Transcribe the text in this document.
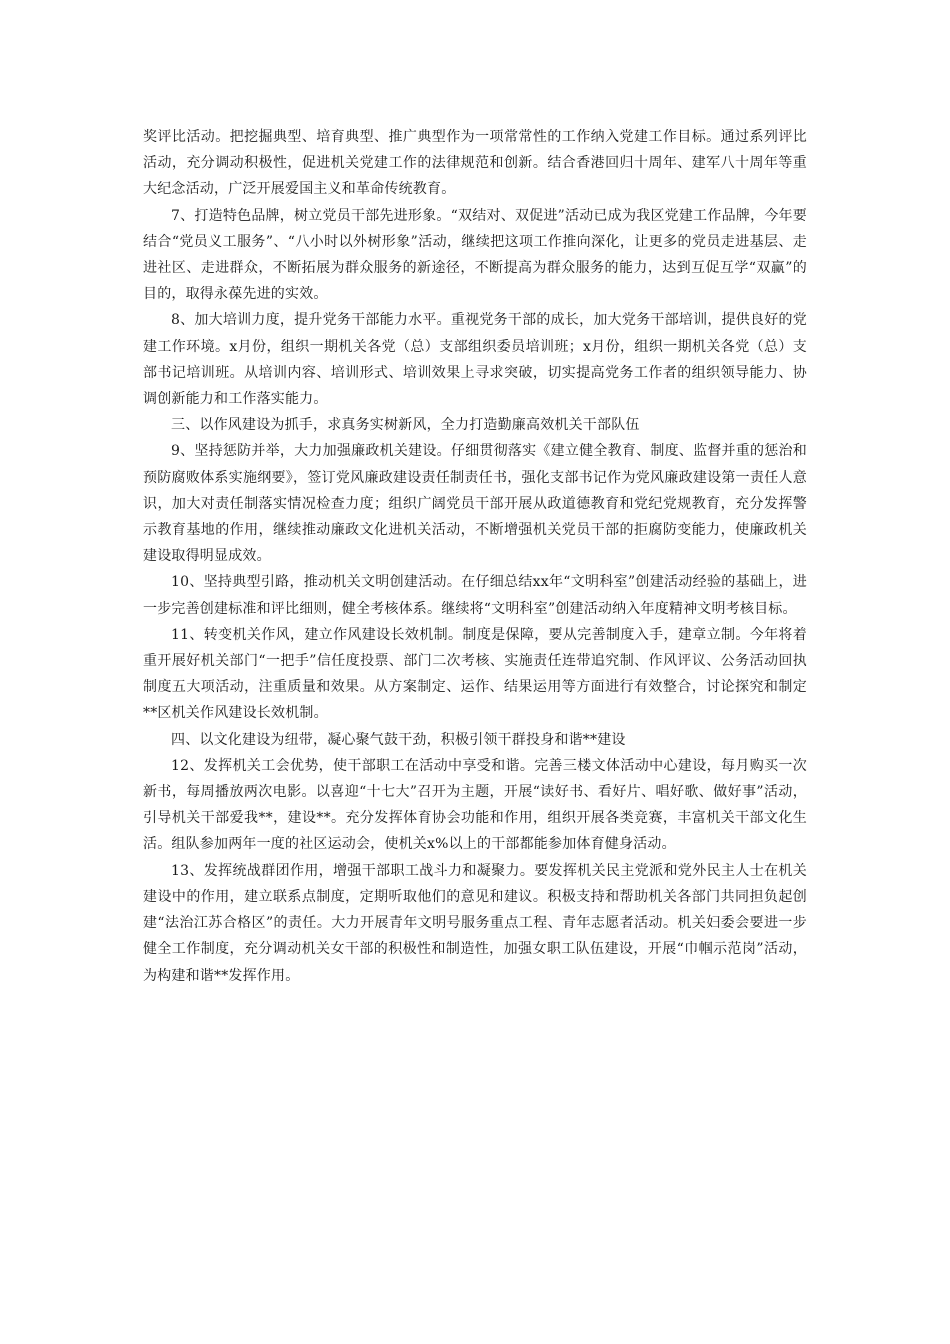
奖评比活动。把挖掘典型、培育典型、推广典型作为一项常常性的工作纳入党建工作目标。通过系列评比活动，充分调动积极性，促进机关党建工作的法律规范和创新。结合香港回归十周年、建军八十周年等重大纪念活动，广泛开展爱国主义和革命传统教育。

7、打造特色品牌，树立党员干部先进形象。“双结对、双促进”活动已成为我区党建工作品牌，今年要结合“党员义工服务”、“八小时以外树形象”活动，继续把这项工作推向深化，让更多的党员走进基层、走进社区、走进群众，不断拓展为群众服务的新途径，不断提高为群众服务的能力，达到互促互学“双赢”的目的，取得永葆先进的实效。

8、加大培训力度，提升党务干部能力水平。重视党务干部的成长，加大党务干部培训，提供良好的党建工作环境。x月份，组织一期机关各党（总）支部组织委员培训班；x月份，组织一期机关各党（总）支部书记培训班。从培训内容、培训形式、培训效果上寻求突破，切实提高党务工作者的组织领导能力、协调创新能力和工作落实能力。

三、以作风建设为抓手，求真务实树新风，全力打造勤廉高效机关干部队伍

9、坚持惩防并举，大力加强廉政机关建设。仔细贯彻落实《建立健全教育、制度、监督并重的惩治和预防腐败体系实施纲要》，签订党风廉政建设责任制责任书，强化支部书记作为党风廉政建设第一责任人意识，加大对责任制落实情况检查力度；组织广阔党员干部开展从政道德教育和党纪党规教育，充分发挥警示教育基地的作用，继续推动廉政文化进机关活动，不断增强机关党员干部的拒腐防变能力，使廉政机关建设取得明显成效。

10、坚持典型引路，推动机关文明创建活动。在仔细总结xx年“文明科室”创建活动经验的基础上，进一步完善创建标准和评比细则，健全考核体系。继续将“文明科室”创建活动纳入年度精神文明考核目标。

11、转变机关作风，建立作风建设长效机制。制度是保障，要从完善制度入手，建章立制。今年将着重开展好机关部门“一把手”信任度投票、部门二次考核、实施责任连带追究制、作风评议、公务活动回执制度五大项活动，注重质量和效果。从方案制定、运作、结果运用等方面进行有效整合，讨论探究和制定**区机关作风建设长效机制。

四、以文化建设为纽带，凝心聚气鼓干劲，积极引领干群投身和谐**建设

12、发挥机关工会优势，使干部职工在活动中享受和谐。完善三楼文体活动中心建设，每月购买一次新书，每周播放两次电影。以喜迎“十七大”召开为主题，开展“读好书、看好片、唱好歌、做好事”活动，引导机关干部爱我**，建设**。充分发挥体育协会功能和作用，组织开展各类竞赛，丰富机关干部文化生活。组队参加两年一度的社区运动会，使机关x%以上的干部都能参加体育健身活动。

13、发挥统战群团作用，增强干部职工战斗力和凝聚力。要发挥机关民主党派和党外民主人士在机关建设中的作用，建立联系点制度，定期听取他们的意见和建议。积极支持和帮助机关各部门共同担负起创建“法治江苏合格区”的责任。大力开展青年文明号服务重点工程、青年志愿者活动。机关妇委会要进一步健全工作制度，充分调动机关女干部的积极性和制造性，加强女职工队伍建设，开展“巾帼示范岗”活动，为构建和谐**发挥作用。
